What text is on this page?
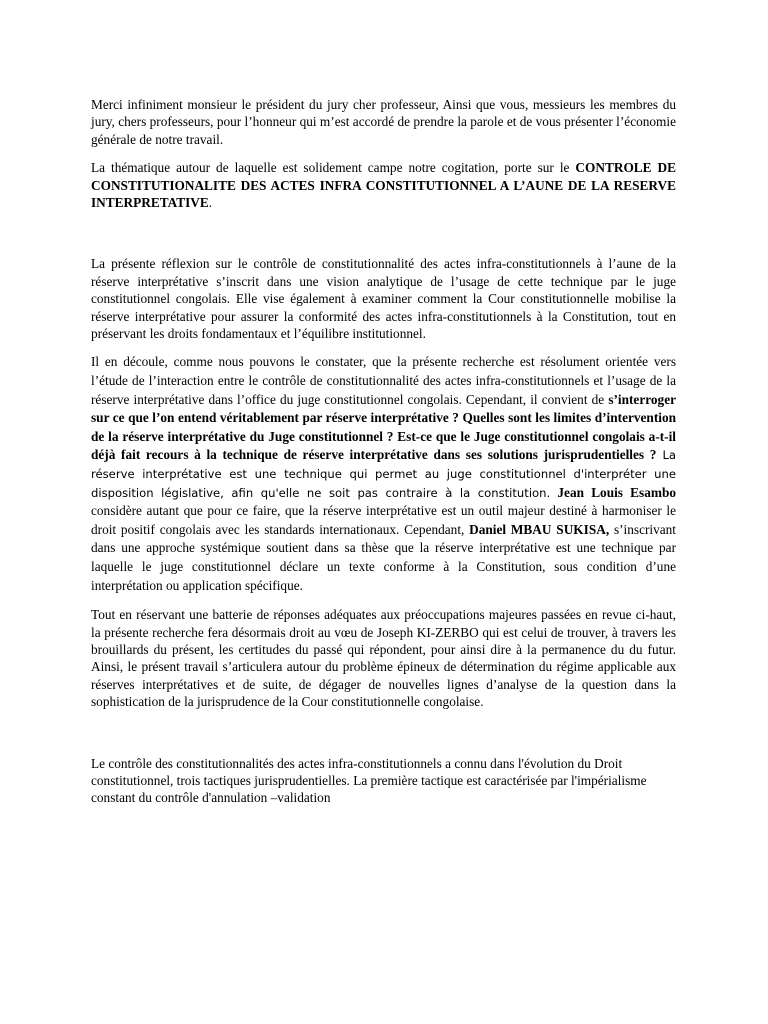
Merci infiniment monsieur le président du jury cher professeur, Ainsi que vous, messieurs les membres du jury, chers professeurs, pour l’honneur qui m’est accordé de prendre la parole et de vous présenter l’économie générale de notre travail.

La thématique autour de laquelle est solidement campe notre cogitation, porte sur le CONTROLE DE CONSTITUTIONALITE DES ACTES INFRA CONSTITUTIONNEL A L’AUNE DE LA RESERVE INTERPRETATIVE.

La présente réflexion sur le contrôle de constitutionnalité des actes infra-constitutionnels à l’aune de la réserve interprétative s’inscrit dans une vision analytique de l’usage de cette technique par le juge constitutionnel congolais. Elle vise également à examiner comment la Cour constitutionnelle mobilise la réserve interprétative pour assurer la conformité des actes infra-constitutionnels à la Constitution, tout en préservant les droits fondamentaux et l’équilibre institutionnel.

Il en découle, comme nous pouvons le constater, que la présente recherche est résolument orientée vers l’étude de l’interaction entre le contrôle de constitutionnalité des actes infra-constitutionnels et l’usage de la réserve interprétative dans l’office du juge constitutionnel congolais. Cependant, il convient de s’interroger sur ce que l’on entend véritablement par réserve interprétative ? Quelles sont les limites d’intervention de la réserve interprétative du Juge constitutionnel ? Est-ce que le Juge constitutionnel congolais a-t-il déjà fait recours à la technique de réserve interprétative dans ses solutions jurisprudentielles ? La réserve interprétative est une technique qui permet au juge constitutionnel d'interpréter une disposition législative, afin qu'elle ne soit pas contraire à la constitution. Jean Louis Esambo considère autant que pour ce faire, que la réserve interprétative est un outil majeur destiné à harmoniser le droit positif congolais avec les standards internationaux. Cependant, Daniel MBAU SUKISA, s’inscrivant dans une approche systémique soutient dans sa thèse que la réserve interprétative est une technique par laquelle le juge constitutionnel déclare un texte conforme à la Constitution, sous condition d’une interprétation ou application spécifique.

Tout en réservant une batterie de réponses adéquates aux préoccupations majeures passées en revue ci-haut, la présente recherche fera désormais droit au vœu de Joseph KI-ZERBO qui est celui de trouver, à travers les brouillards du présent, les certitudes du passé qui répondent, pour ainsi dire à la permanence du du futur. Ainsi, le présent travail s’articulera autour du problème épineux de détermination du régime applicable aux réserves interprétatives et de suite, de dégager de nouvelles lignes d’analyse de la question dans la sophistication de la jurisprudence de la Cour constitutionnelle congolaise.

Le contrôle des constitutionnalités des actes infra-constitutionnels a connu dans l'évolution du Droit constitutionnel, trois tactiques jurisprudentielles. La première tactique est caractérisée par l'impérialisme constant du contrôle d'annulation –validation
